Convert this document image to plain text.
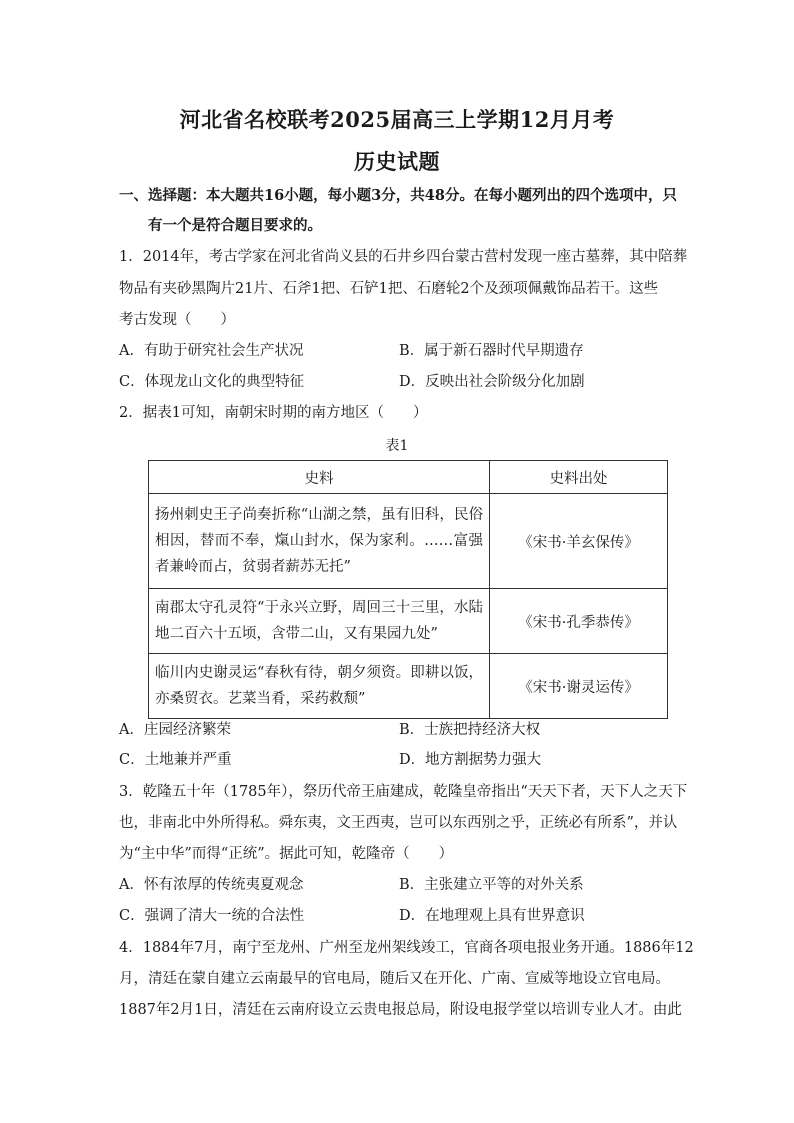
河北省名校联考2025届高三上学期12月月考
历史试题
一、选择题：本大题共16小题，每小题3分，共48分。在每小题列出的四个选项中，只
有一个是符合题目要求的。
1．2014年，考古学家在河北省尚义县的石井乡四台蒙古营村发现一座古墓葬，其中陪葬
物品有夹砂黑陶片21片、石斧1把、石铲1把、石磨轮2个及颈项佩戴饰品若干。这些
考古发现（　　）
A．有助于研究社会生产状况	B．属于新石器时代早期遗存
C．体现龙山文化的典型特征	D．反映出社会阶级分化加剧
2．据表1可知，南朝宋时期的南方地区（　　）
表1
史料	史料出处
扬州刺史王子尚奏折称“山湖之禁，虽有旧科，民俗相因，替而不奉，熂山封水，保为家利。……富强者兼岭而占，贫弱者薪苏无托”	《宋书·羊玄保传》
南郡太守孔灵符“于永兴立野，周回三十三里，水陆地二百六十五顷，含带二山，又有果园九处”	《宋书·孔季恭传》
临川内史谢灵运“春秋有待，朝夕须资。即耕以饭，亦桑贸衣。艺菜当肴，采药救颓”	《宋书·谢灵运传》
A．庄园经济繁荣	B．士族把持经济大权
C．土地兼并严重	D．地方割据势力强大
3．乾隆五十年（1785年），祭历代帝王庙建成，乾隆皇帝指出“天天下者，天下人之天下
也，非南北中外所得私。舜东夷，文王西夷，岂可以东西别之乎，正统必有所系”，并认
为“主中华”而得“正统”。据此可知，乾隆帝（　　）
A．怀有浓厚的传统夷夏观念	B．主张建立平等的对外关系
C．强调了清大一统的合法性	D．在地理观上具有世界意识
4．1884年7月，南宁至龙州、广州至龙州架线竣工，官商各项电报业务开通。1886年12
月，清廷在蒙自建立云南最早的官电局，随后又在开化、广南、宣威等地设立官电局。
1887年2月1日，清廷在云南府设立云贵电报总局，附设电报学堂以培训专业人才。由此
